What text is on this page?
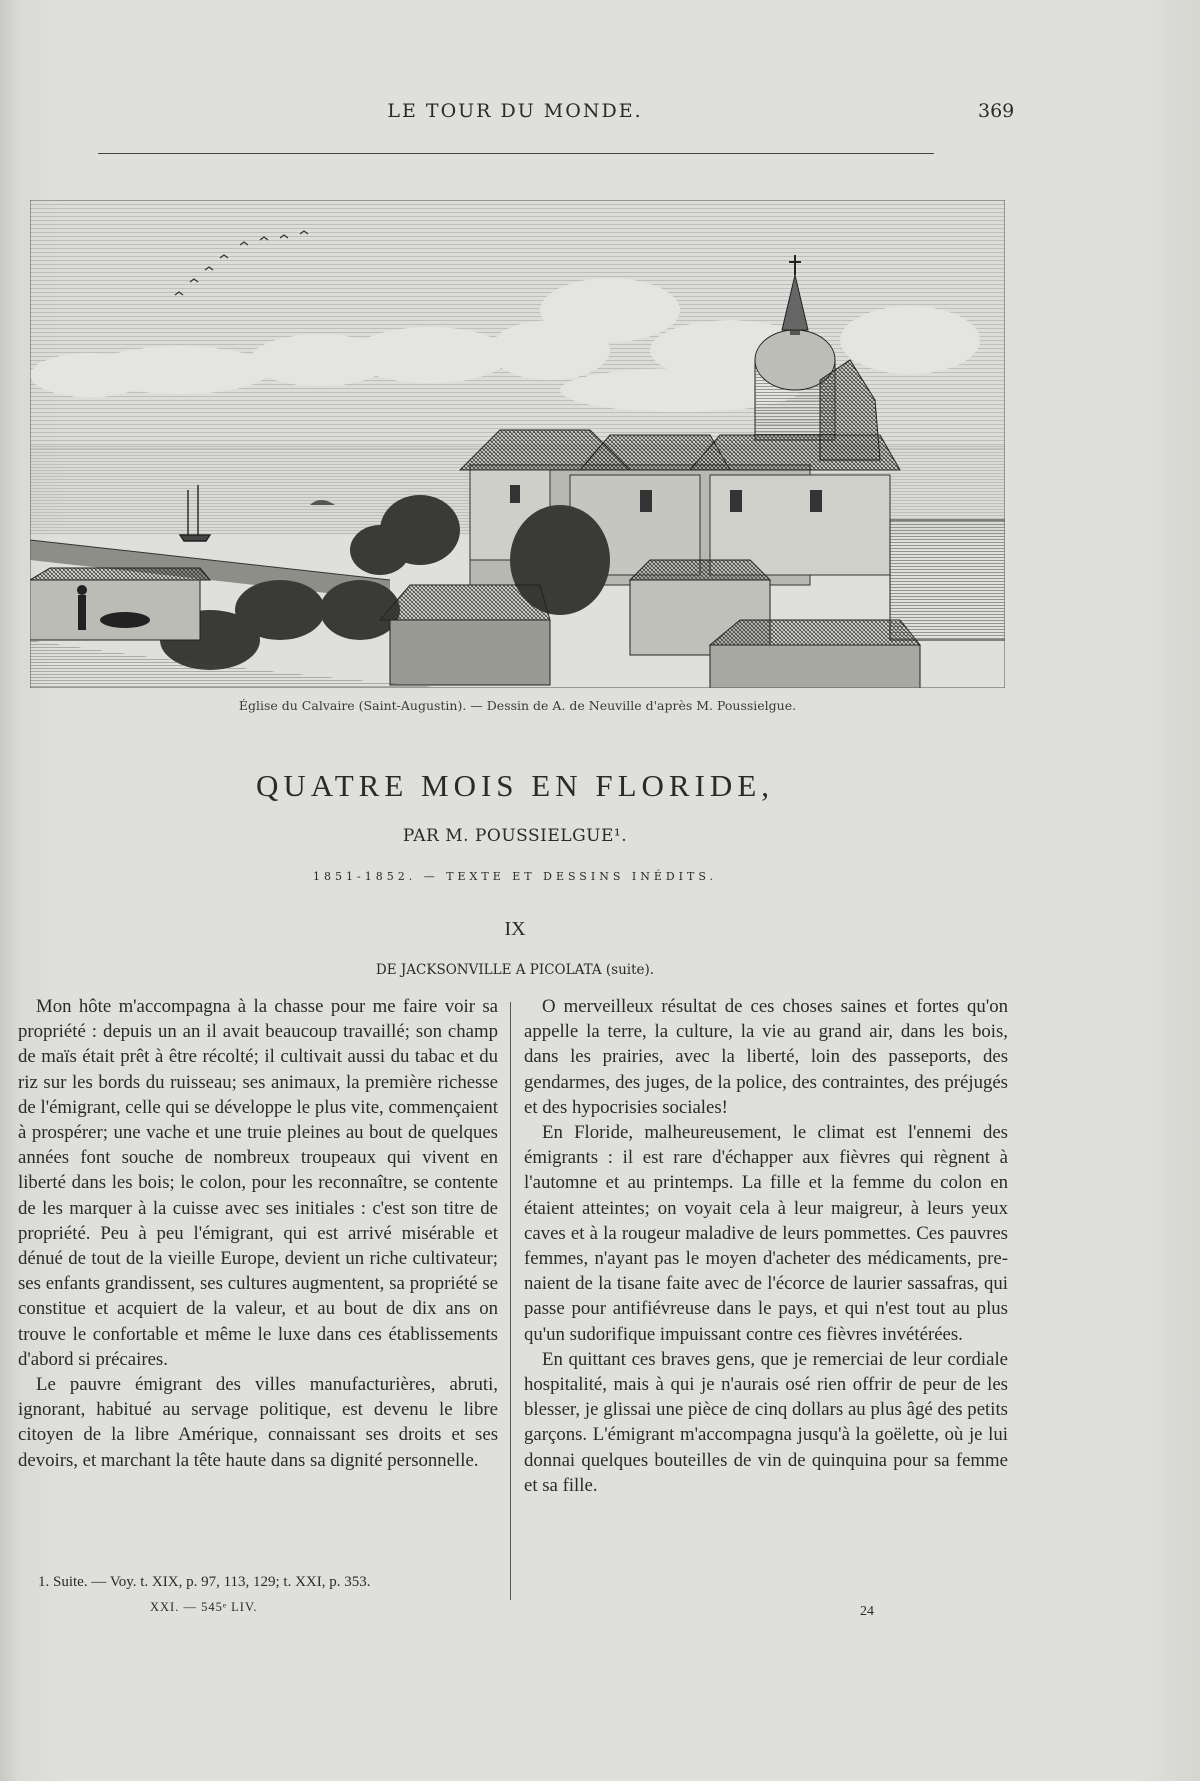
LE TOUR DU MONDE.	369
Église du Calvaire (Saint-Augustin). — Dessin de A. de Neuville d'après M. Poussielgue.
QUATRE MOIS EN FLORIDE,
PAR M. POUSSIELGUE¹.
1851-1852. — TEXTE ET DESSINS INÉDITS.
IX
DE JACKSONVILLE A PICOLATA (suite).

Mon hôte m'accompagna à la chasse pour me faire voir sa propriété : depuis un an il avait beaucoup travaillé; son champ de maïs était prêt à être récolté; il cultivait aussi du tabac et du riz sur les bords du ruisseau; ses animaux, la première richesse de l'émigrant, celle qui se développe le plus vite, commençaient à prospérer; une vache et une truie pleines au bout de quelques années font souche de nombreux troupeaux qui vivent en liberté dans les bois; le colon, pour les reconnaître, se contente de les marquer à la cuisse avec ses initiales : c'est son titre de propriété. Peu à peu l'émigrant, qui est arrivé misérable et dénué de tout de la vieille Europe, devient un riche cultivateur; ses enfants grandissent, ses cultures augmentent, sa propriété se constitue et acquiert de la valeur, et au bout de dix ans on trouve le confortable et même le luxe dans ces établissements d'abord si précaires.

Le pauvre émigrant des villes manufacturières, abruti, ignorant, habitué au servage politique, est devenu le libre citoyen de la libre Amérique, connaissant ses droits et ses devoirs, et marchant la tête haute dans sa dignité personnelle.

O merveilleux résultat de ces choses saines et fortes qu'on appelle la terre, la culture, la vie au grand air, dans les bois, dans les prairies, avec la liberté, loin des passeports, des gendarmes, des juges, de la police, des contraintes, des préjugés et des hypocrisies sociales!

En Floride, malheureusement, le climat est l'ennemi des émigrants : il est rare d'échapper aux fièvres qui règnent à l'automne et au printemps. La fille et la femme du colon en étaient atteintes; on voyait cela à leur maigreur, à leurs yeux caves et à la rougeur maladive de leurs pommettes. Ces pauvres femmes, n'ayant pas le moyen d'acheter des médicaments, prenaient de la tisane faite avec de l'écorce de laurier sassafras, qui passe pour antifiévreuse dans le pays, et qui n'est tout au plus qu'un sudorifique impuissant contre ces fièvres invétérées.

En quittant ces braves gens, que je remerciai de leur cordiale hospitalité, mais à qui je n'aurais osé rien offrir de peur de les blesser, je glissai une pièce de cinq dollars au plus âgé des petits garçons. L'émigrant m'accompagna jusqu'à la goëlette, où je lui donnai quelques bouteilles de vin de quinquina pour sa femme et sa fille.

1. Suite. — Voy. t. XIX, p. 97, 113, 129; t. XXI, p. 353.
XXI. — 545ᵉ LIV.	24
